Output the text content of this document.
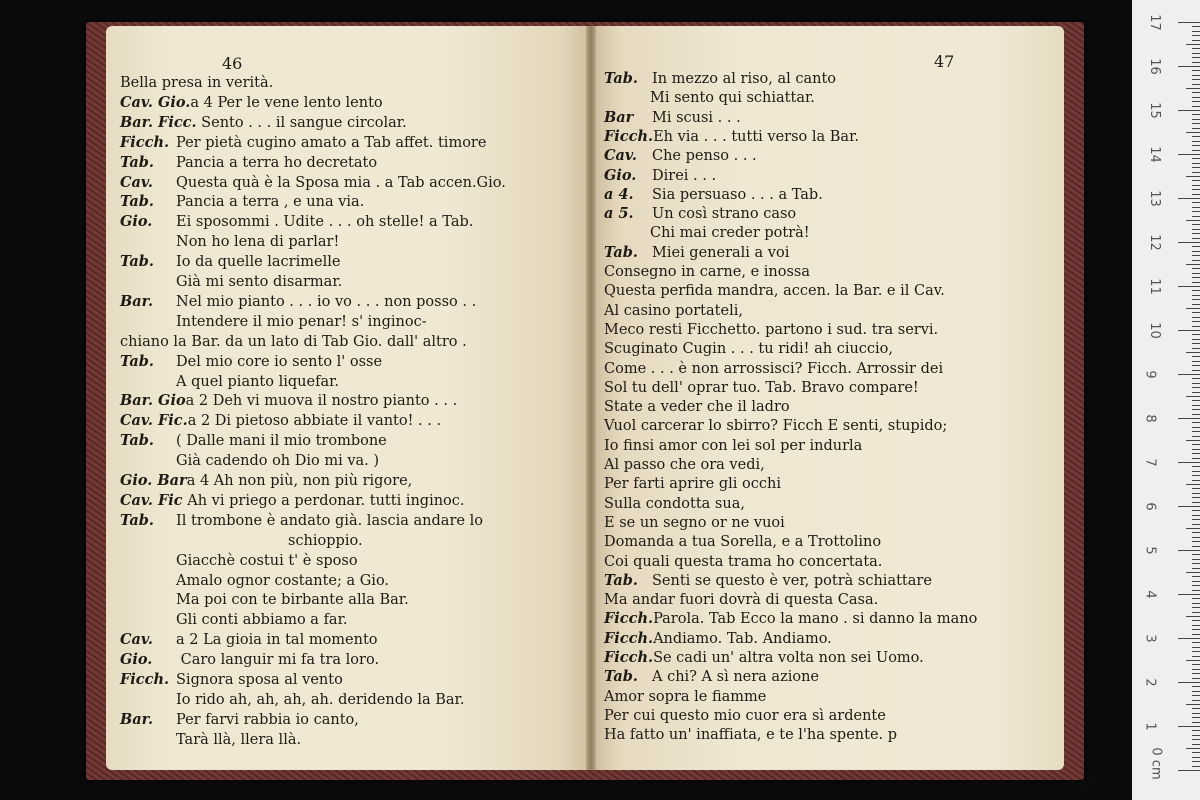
46
Bella presa in verità.
Cav. Gio.a 4 Per le vene lento lento
Bar. Ficc. Sento . . . il sangue circolar.
Ficch. Per pietà cugino amato a Tab affet. timore
Tab. Pancia a terra ho decretato
Cav. Questa quà è la Sposa mia . a Tab accen.Gio.
Tab. Pancia a terra , e una via.
Gio. Ei sposommi . Udite . . . oh stelle! a Tab.
Non ho lena di parlar!
Tab. Io da quelle lacrimelle
Già mi sento disarmar.
Bar. Nel mio pianto . . . io vo . . . non posso . .
Intendere il mio penar! s' inginoc-
chiano la Bar. da un lato di Tab Gio. dall' altro .
Tab. Del mio core io sento l' osse
A quel pianto liquefar.
Bar. Gioa 2 Deh vi muova il nostro pianto . . .
Cav. Fic.a 2 Di pietoso abbiate il vanto! . . .
Tab. ( Dalle mani il mio trombone
Già cadendo oh Dio mi va. )
Gio. Bara 4 Ah non più, non più rigore,
Cav. Fic Ah vi priego a perdonar. tutti inginoc.
Tab. Il trombone è andato già. lascia andare lo
schioppio.
Giacchè costui t' è sposo
Amalo ognor costante; a Gio.
Ma poi con te birbante alla Bar.
Gli conti abbiamo a far.
Cav. a 2 La gioia in tal momento
Gio. Caro languir mi fa tra loro.
Ficch. Signora sposa al vento
Io rido ah, ah, ah, ah. deridendo la Bar.
Bar. Per farvi rabbia io canto,
Tarà llà, llera llà.
47
Tab. In mezzo al riso, al canto
Mi sento qui schiattar.
Bar Mi scusi . . .
Ficch.Eh via . . . tutti verso la Bar.
Cav. Che penso . . .
Gio. Direi . . .
a 4. Sia persuaso . . . a Tab.
a 5. Un così strano caso
Chi mai creder potrà!
Tab. Miei generali a voi
Consegno in carne, e inossa
Questa perfida mandra, accen. la Bar. e il Cav.
Al casino portateli,
Meco resti Ficchetto. partono i sud. tra servi.
Scuginato Cugin . . . tu ridi! ah ciuccio,
Come . . . è non arrossisci? Ficch. Arrossir dei
Sol tu dell' oprar tuo. Tab. Bravo compare!
State a veder che il ladro
Vuol carcerar lo sbirro? Ficch E senti, stupido;
Io finsi amor con lei sol per indurla
Al passo che ora vedi,
Per farti aprire gli occhi
Sulla condotta sua,
E se un segno or ne vuoi
Domanda a tua Sorella, e a Trottolino
Coi quali questa trama ho concertata.
Tab. Senti se questo è ver, potrà schiattare
Ma andar fuori dovrà di questa Casa.
Ficch.Parola. Tab Ecco la mano . si danno la mano
Ficch.Andiamo. Tab. Andiamo.
Ficch.Se cadi un' altra volta non sei Uomo.
Tab. A chi? A sì nera azione
Amor sopra le fiamme
Per cui questo mio cuor era sì ardente
Ha fatto un' inaffiata, e te l'ha spente. p
1
2
3
4
5
6
7
8
9
10
11
12
13
14
15
16
17
0 cm
